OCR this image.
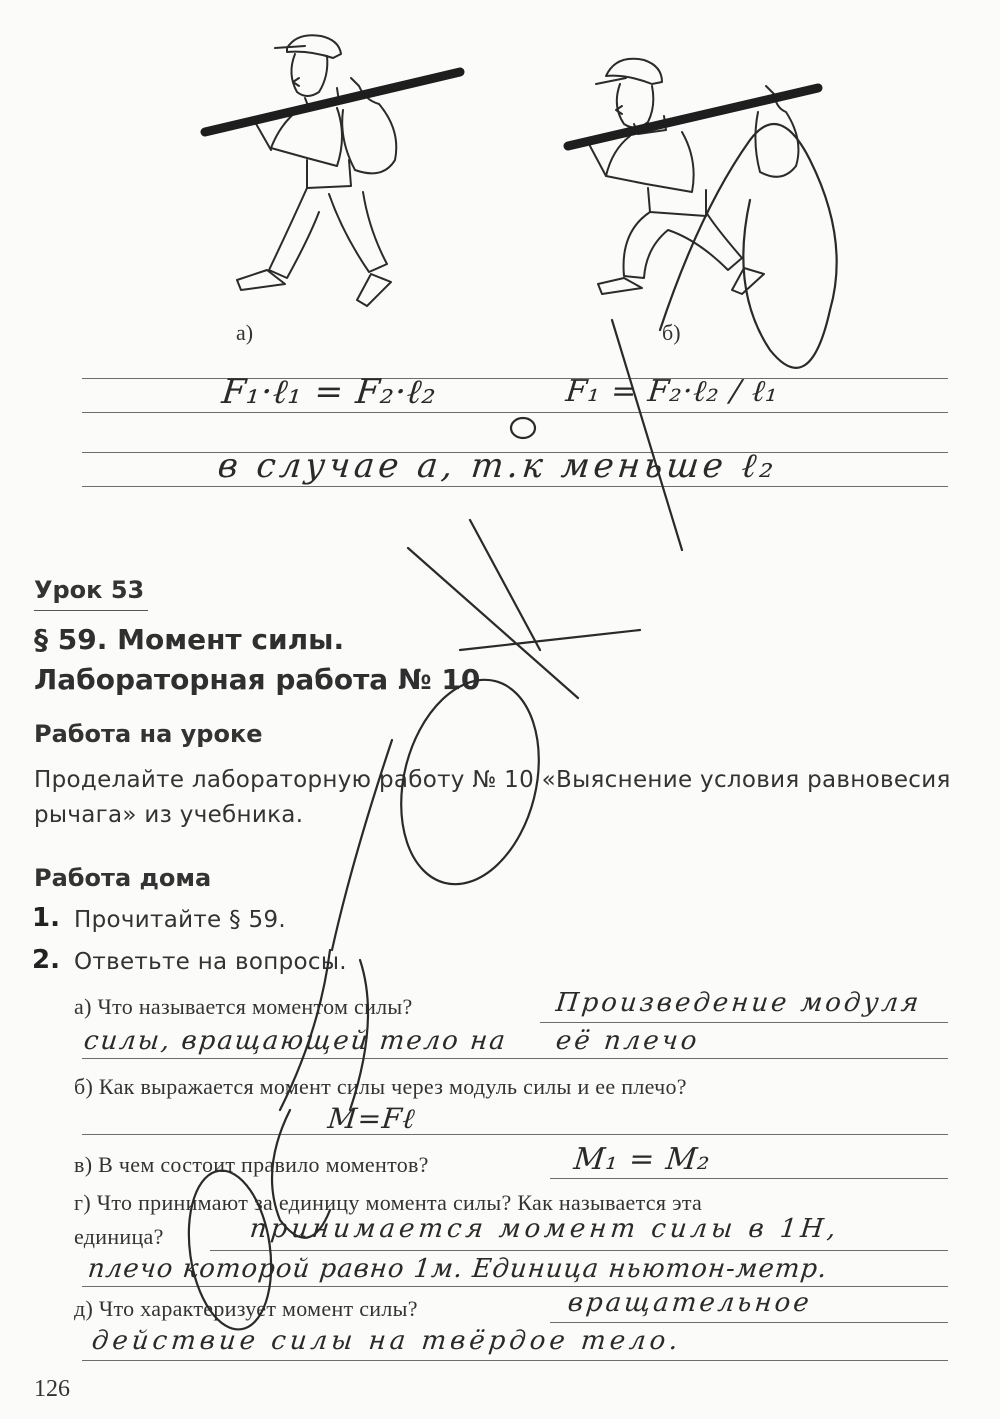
а)	б)
F₁·ℓ₁ = F₂·ℓ₂	F₁ = F₂·ℓ₂ / ℓ₁
в случае а, т.к меньше ℓ₂
Урок 53
§ 59. Момент силы.
Лабораторная работа № 10
Работа на уроке
Проделайте лабораторную работу № 10 «Выяснение условия равновесия рычага» из учебника.
Работа дома
1. Прочитайте § 59.
2. Ответьте на вопросы.
а) Что называется моментом силы?	Произведение модуля
силы, вращающей тело на её плечо
б) Как выражается момент силы через модуль силы и ее плечо?
M=Fℓ
в) В чем состоит правило моментов?	M₁ = M₂
г) Что принимают за единицу момента силы? Как называется эта
единица?	принимается момент силы в 1Н,
плечо которой равно 1м. Единица ньютон-метр.
д) Что характеризует момент силы?	вращательное
действие силы на твёрдое тело.
126
